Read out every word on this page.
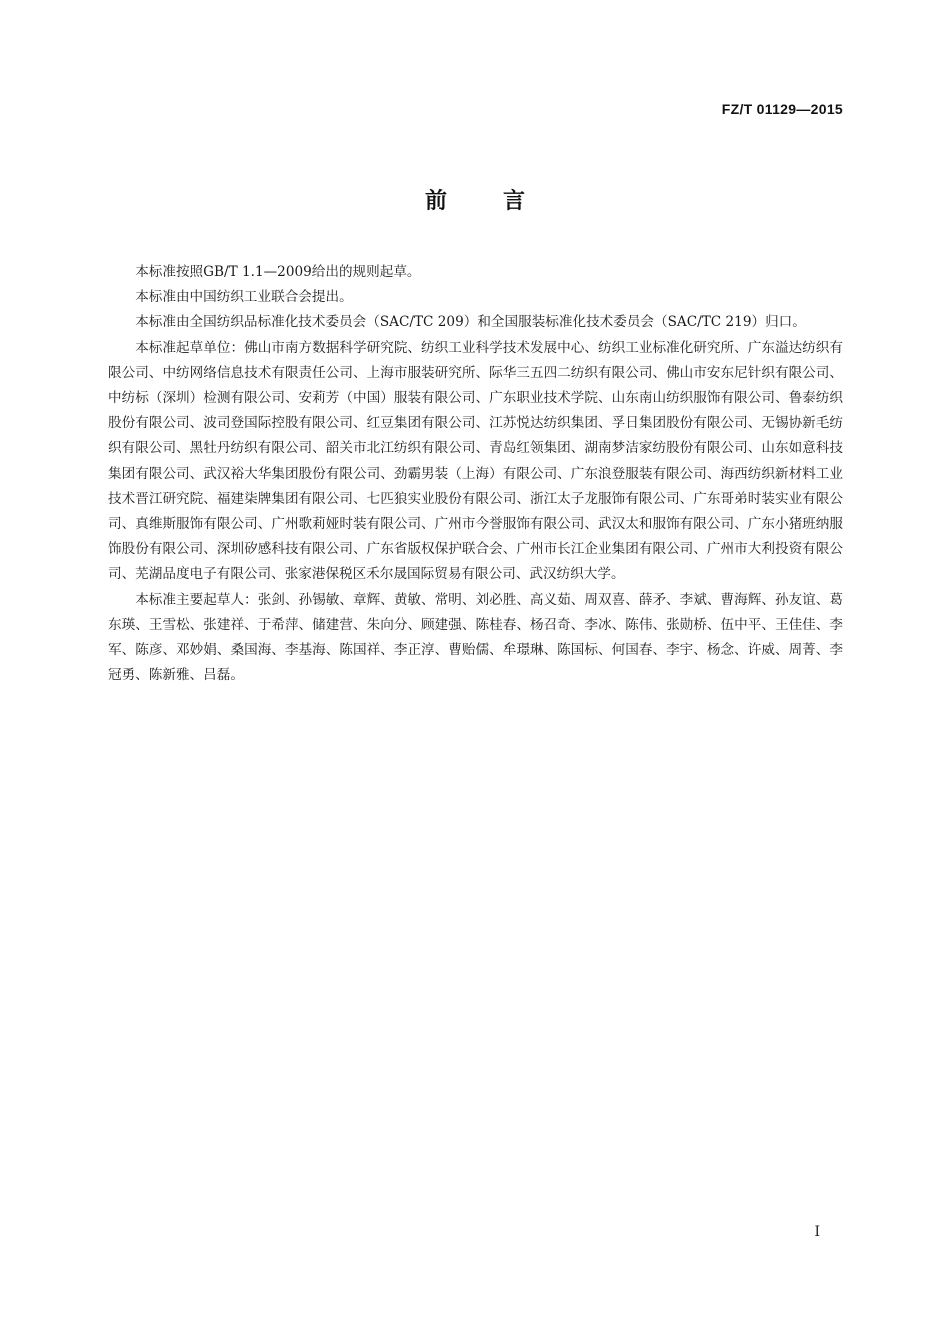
FZ/T 01129—2015
前言

本标准按照GB/T 1.1—2009给出的规则起草。

本标准由中国纺织工业联合会提出。

本标准由全国纺织品标准化技术委员会（SAC/TC 209）和全国服装标准化技术委员会（SAC/TC 219）归口。

本标准起草单位：佛山市南方数据科学研究院、纺织工业科学技术发展中心、纺织工业标准化研究所、广东溢达纺织有限公司、中纺网络信息技术有限责任公司、上海市服装研究所、际华三五四二纺织有限公司、佛山市安东尼针织有限公司、中纺标（深圳）检测有限公司、安莉芳（中国）服装有限公司、广东职业技术学院、山东南山纺织服饰有限公司、鲁泰纺织股份有限公司、波司登国际控股有限公司、红豆集团有限公司、江苏悦达纺织集团、孚日集团股份有限公司、无锡协新毛纺织有限公司、黑牡丹纺织有限公司、韶关市北江纺织有限公司、青岛红领集团、湖南梦洁家纺股份有限公司、山东如意科技集团有限公司、武汉裕大华集团股份有限公司、劲霸男装（上海）有限公司、广东浪登服装有限公司、海西纺织新材料工业技术晋江研究院、福建柒牌集团有限公司、七匹狼实业股份有限公司、浙江太子龙服饰有限公司、广东哥弟时装实业有限公司、真维斯服饰有限公司、广州歌莉娅时装有限公司、广州市今誉服饰有限公司、武汉太和服饰有限公司、广东小猪班纳服饰股份有限公司、深圳矽感科技有限公司、广东省版权保护联合会、广州市长江企业集团有限公司、广州市大利投资有限公司、芜湖品度电子有限公司、张家港保税区禾尔晟国际贸易有限公司、武汉纺织大学。

本标准主要起草人：张剑、孙锡敏、章辉、黄敏、常明、刘必胜、高义茹、周双喜、薛矛、李斌、曹海辉、孙友谊、葛东瑛、王雪松、张建祥、于希萍、储建营、朱向分、顾建强、陈桂春、杨召奇、李冰、陈伟、张勋桥、伍中平、王佳佳、李军、陈彦、邓妙娟、桑国海、李基海、陈国祥、李正淳、曹贻儒、牟璟琳、陈国标、何国春、李宇、杨念、许威、周菁、李冠勇、陈新雅、吕磊。

I
